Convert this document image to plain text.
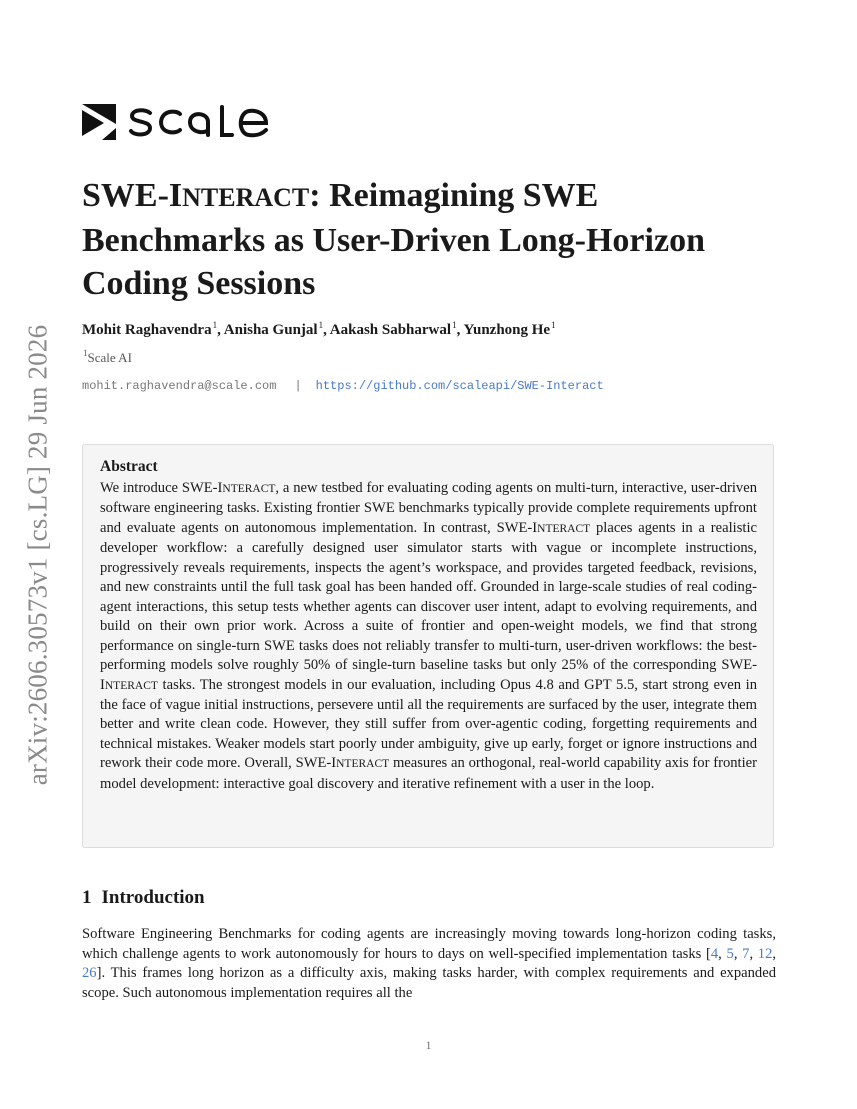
arXiv:2606.30573v1 [cs.LG] 29 Jun 2026
SWE-INTERACT: Reimagining SWE Benchmarks as User-Driven Long-Horizon Coding Sessions
Mohit Raghavendra$^1$, Anisha Gunjal$^1$, Aakash Sabharwal$^1$, Yunzhong He$^1$
$^1$Scale AI
mohit.raghavendra@scale.com | https://github.com/scaleapi/SWE-Interact
Abstract

We introduce SWE-INTERACT, a new testbed for evaluating coding agents on multi-turn, interactive, user-driven software engineering tasks. Existing frontier SWE benchmarks typically provide complete requirements upfront and evaluate agents on autonomous implementation. In contrast, SWE-INTERACT places agents in a realistic developer workflow: a carefully designed user simulator starts with vague or incomplete instructions, progressively reveals requirements, inspects the agent’s workspace, and provides targeted feedback, revisions, and new constraints until the full task goal has been handed off. Grounded in large-scale studies of real coding-agent interactions, this setup tests whether agents can discover user intent, adapt to evolving requirements, and build on their own prior work. Across a suite of frontier and open-weight models, we find that strong performance on single-turn SWE tasks does not reliably transfer to multi-turn, user-driven workflows: the best-performing models solve roughly 50% of single-turn baseline tasks but only 25% of the corresponding SWE-INTERACT tasks. The strongest models in our evaluation, including Opus 4.8 and GPT 5.5, start strong even in the face of vague initial instructions, persevere until all the requirements are surfaced by the user, integrate them better and write clean code. However, they still suffer from over-agentic coding, forgetting requirements and technical mistakes. Weaker models start poorly under ambiguity, give up early, forget or ignore instructions and rework their code more. Overall, SWE-INTERACT measures an orthogonal, real-world capability axis for frontier model development: interactive goal discovery and iterative refinement with a user in the loop.

1 Introduction

Software Engineering Benchmarks for coding agents are increasingly moving towards long-horizon coding tasks, which challenge agents to work autonomously for hours to days on well-specified implementation tasks [4, 5, 7, 12, 26]. This frames long horizon as a difficulty axis, making tasks harder, with complex requirements and expanded scope. Such autonomous implementation requires all the

1
